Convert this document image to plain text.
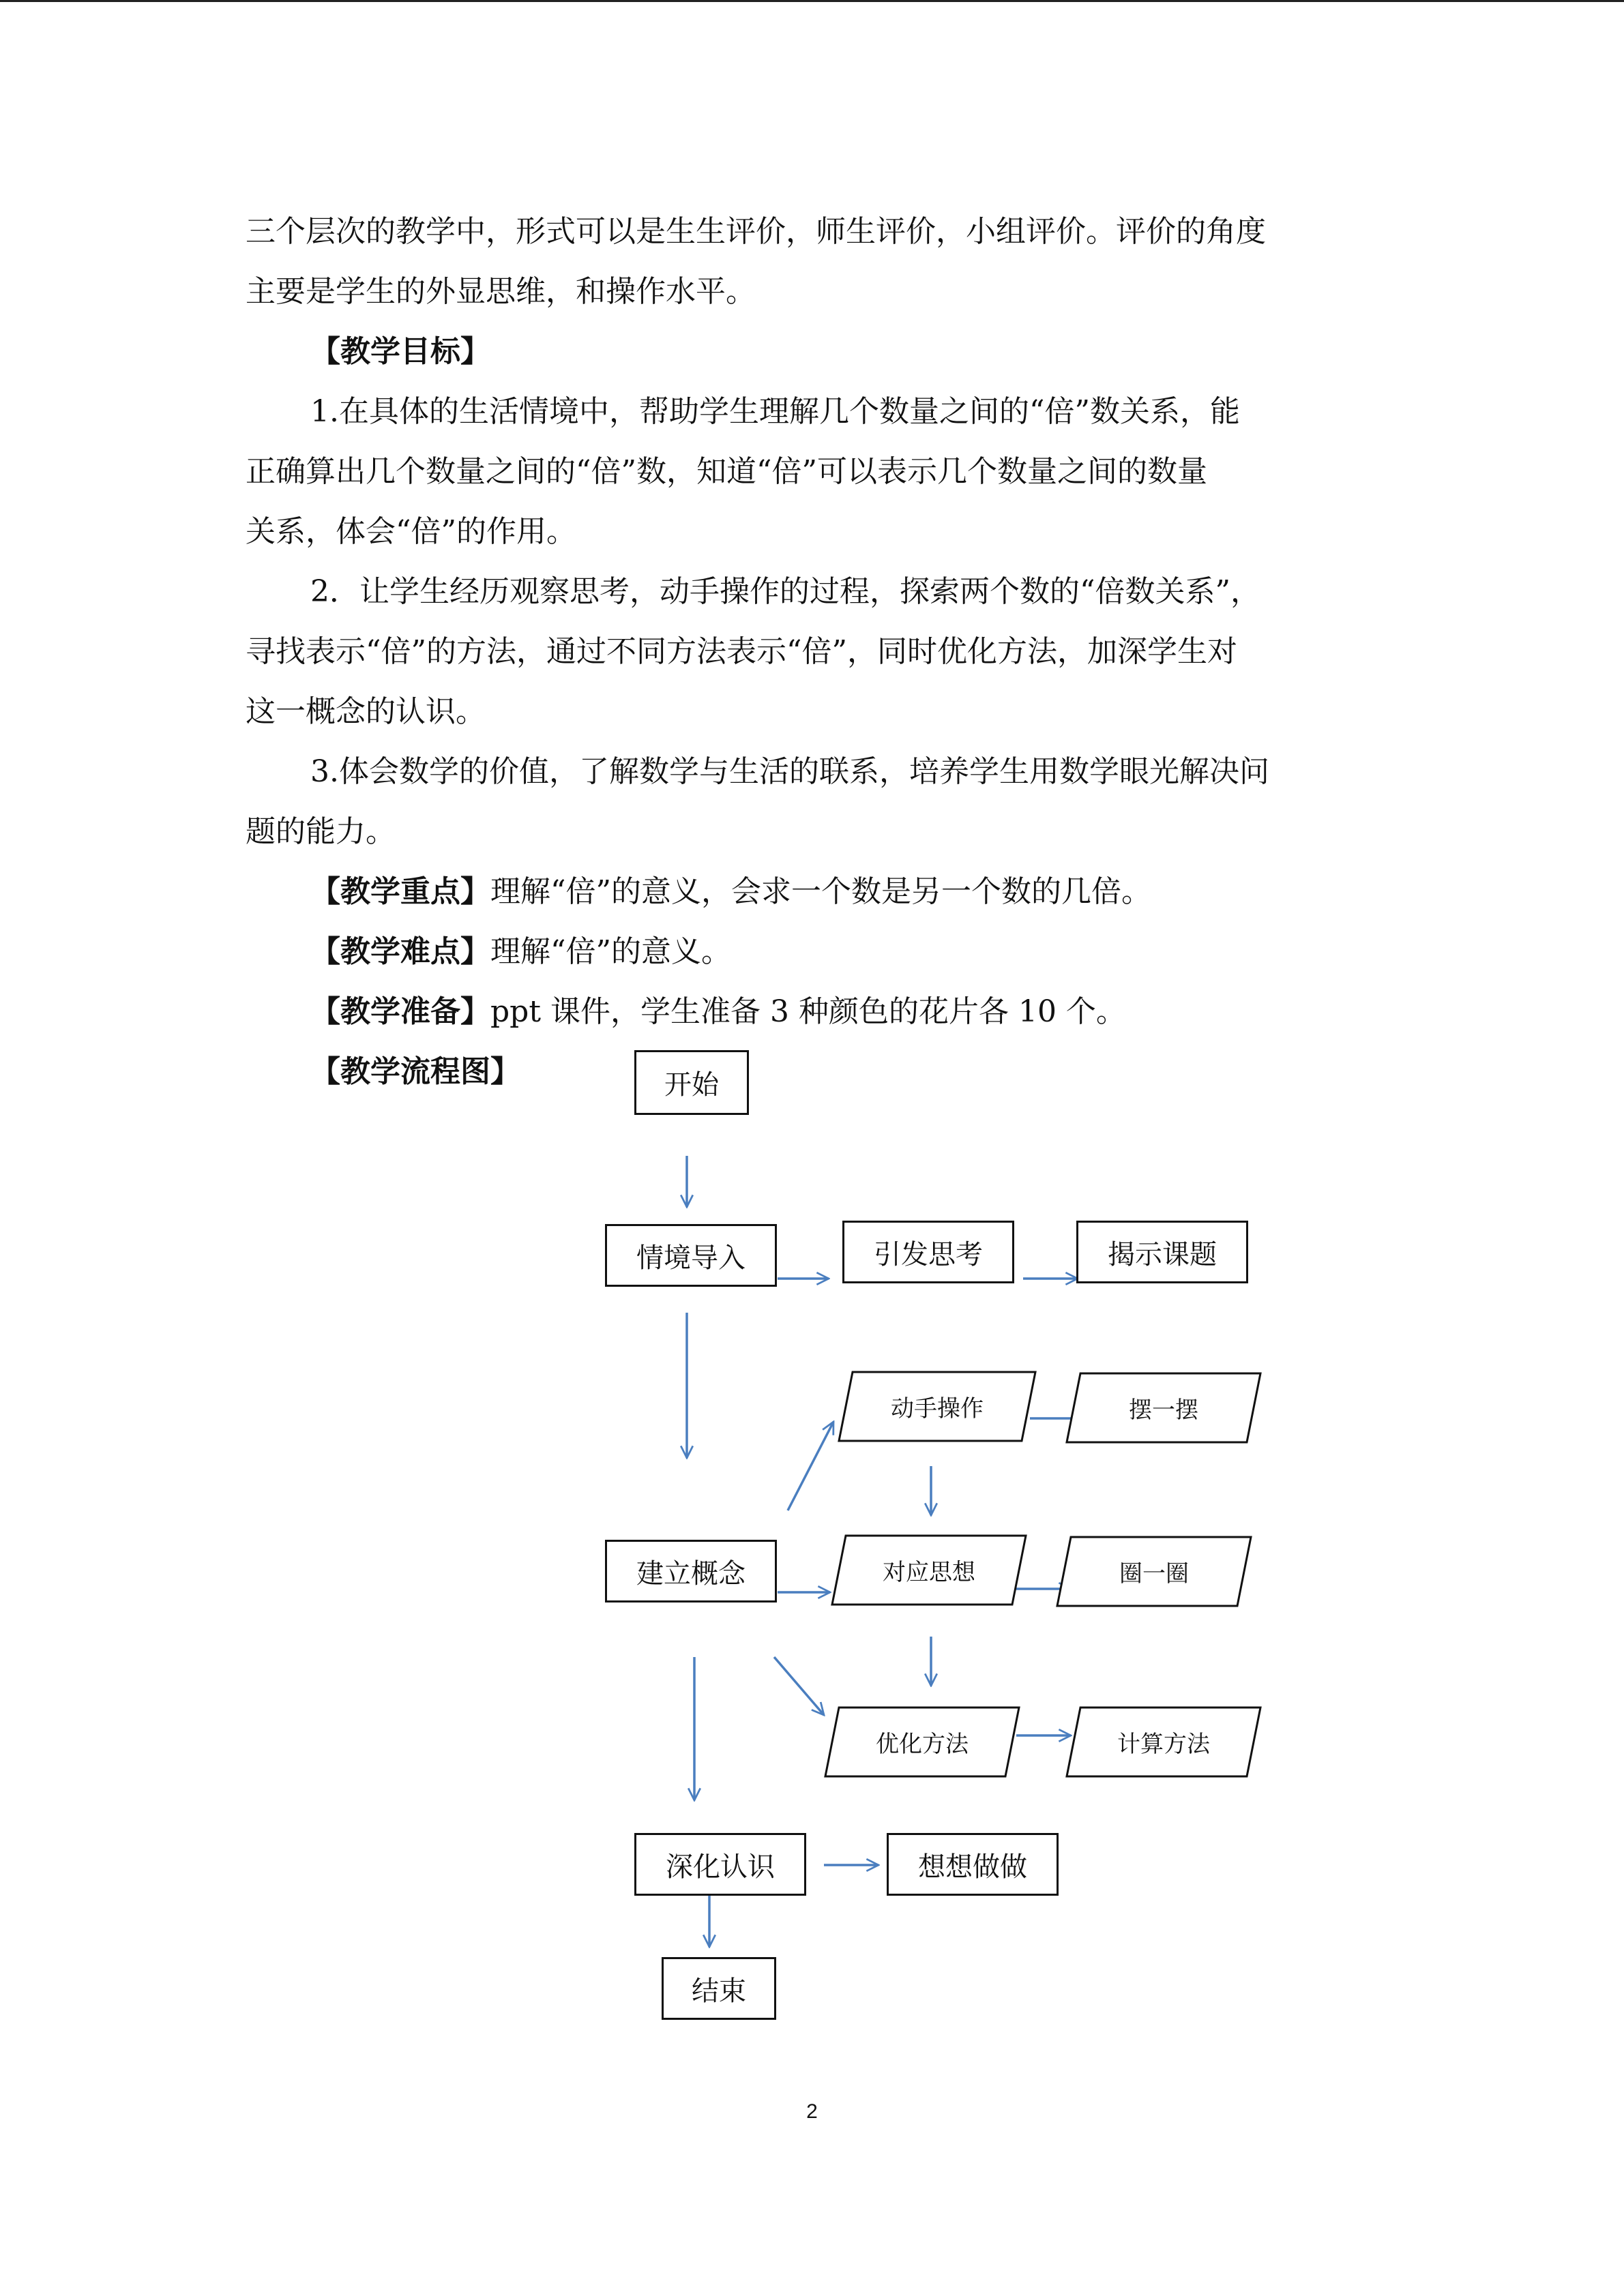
三个层次的教学中，形式可以是生生评价，师生评价，小组评价。评价的角度

主要是学生的外显思维，和操作水平。

【教学目标】

1.在具体的生活情境中，帮助学生理解几个数量之间的“倍”数关系，能

正确算出几个数量之间的“倍”数，知道“倍”可以表示几个数量之间的数量

关系，体会“倍”的作用。

2．让学生经历观察思考，动手操作的过程，探索两个数的“倍数关系”，

寻找表示“倍”的方法，通过不同方法表示“倍”，同时优化方法，加深学生对

这一概念的认识。

3.体会数学的价值，了解数学与生活的联系，培养学生用数学眼光解决问

题的能力。

【教学重点】理解“倍”的意义，会求一个数是另一个数的几倍。

【教学难点】理解“倍”的意义。

【教学准备】ppt 课件，学生准备 3 种颜色的花片各 10 个。

【教学流程图】	开始
情境导入	引发思考	揭示课题
建立概念
深化认识	想想做做
结束
动手操作	摆一摆
对应思想	圈一圈
优化方法	计算方法
2
